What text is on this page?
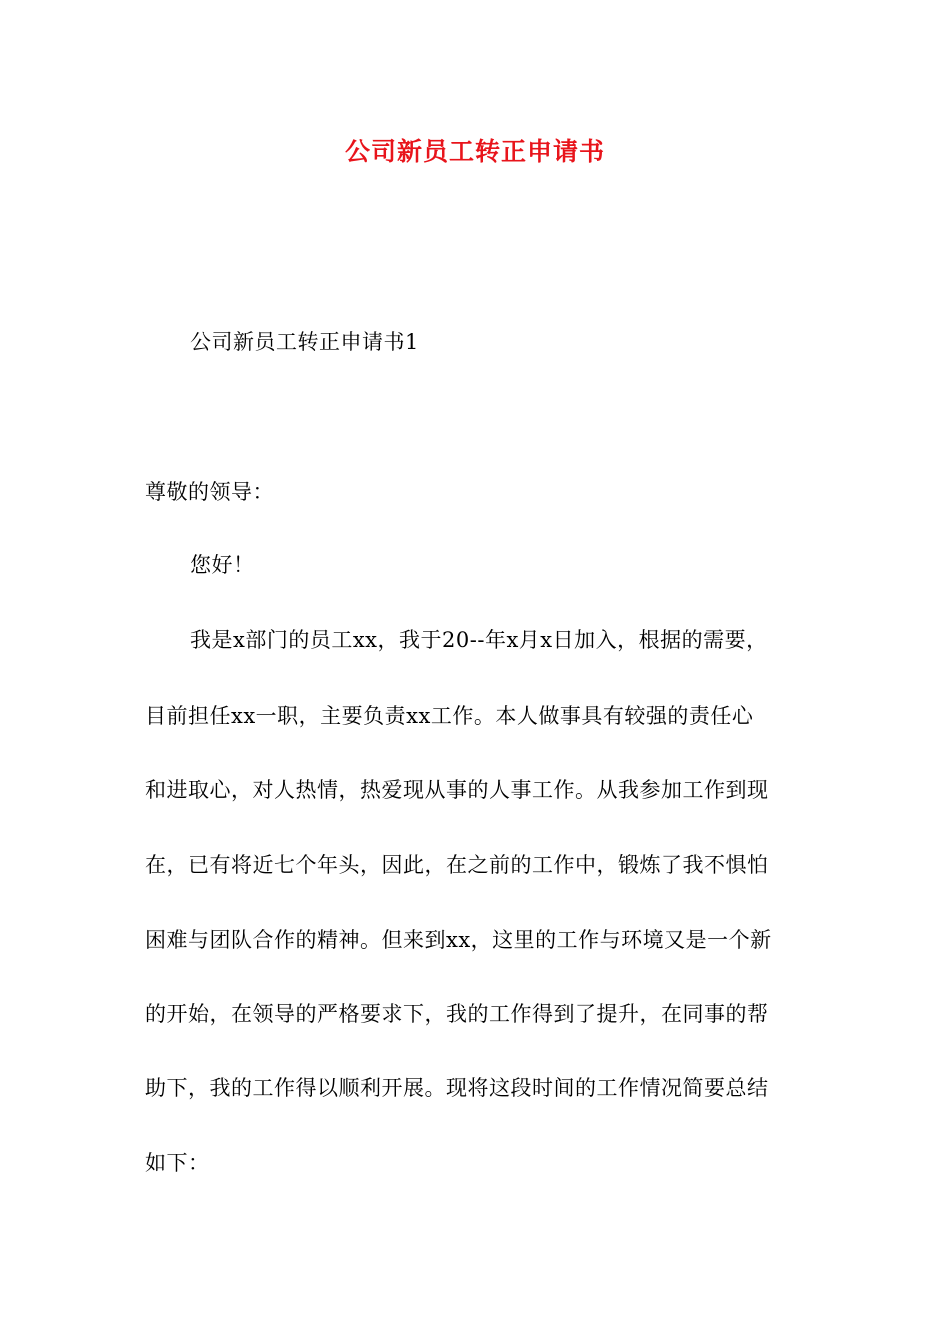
公司新员工转正申请书
公司新员工转正申请书1
尊敬的领导：
您好！
我是x部门的员工xx，我于20--年x月x日加入，根据的需要，
目前担任xx一职，主要负责xx工作。本人做事具有较强的责任心
和进取心，对人热情，热爱现从事的人事工作。从我参加工作到现
在，已有将近七个年头，因此，在之前的工作中，锻炼了我不惧怕
困难与团队合作的精神。但来到xx，这里的工作与环境又是一个新
的开始，在领导的严格要求下，我的工作得到了提升，在同事的帮
助下，我的工作得以顺利开展。现将这段时间的工作情况简要总结
如下：
